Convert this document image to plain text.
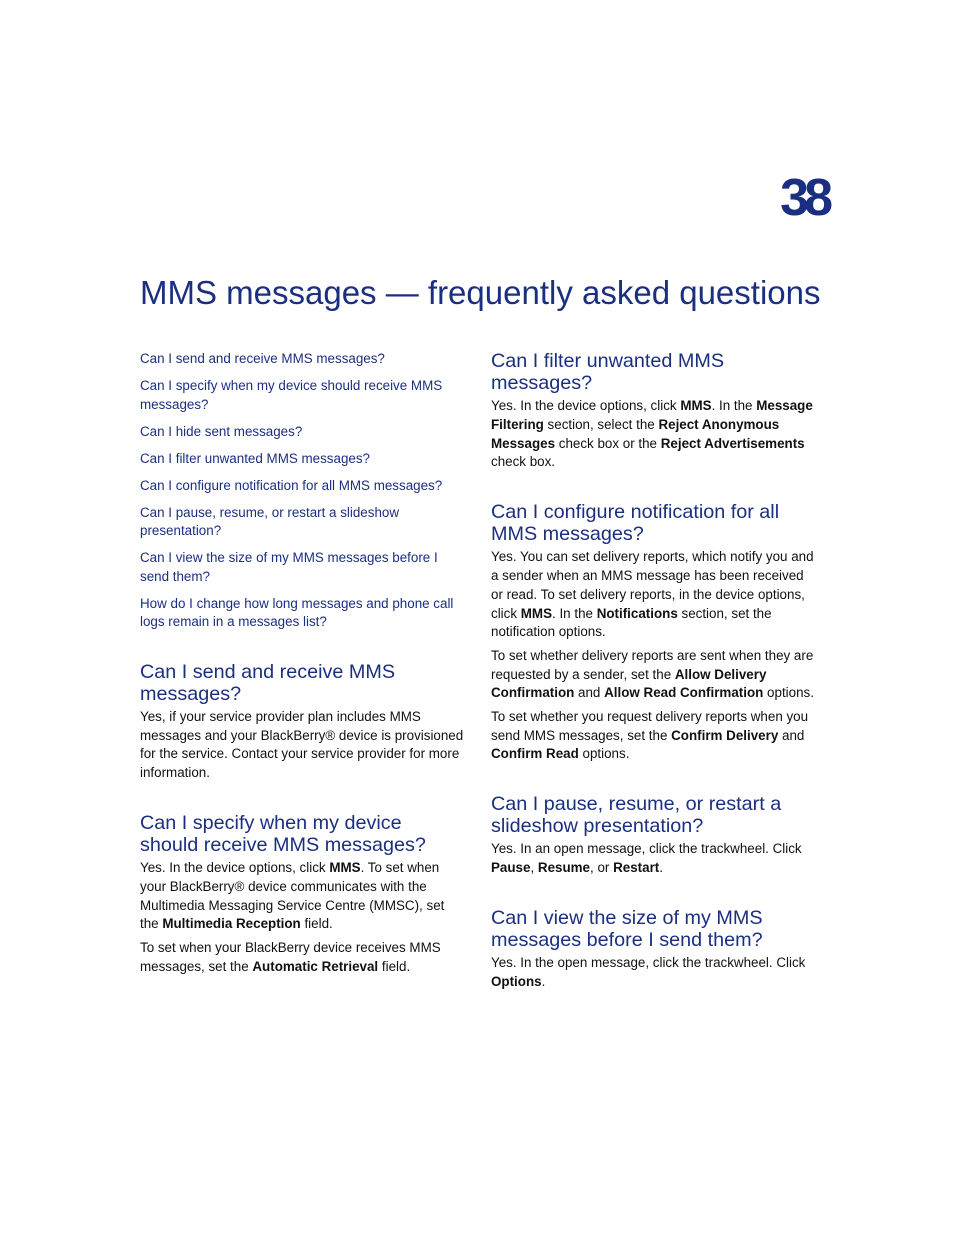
38
MMS messages — frequently asked questions
Can I send and receive MMS messages?
Can I specify when my device should receive MMS messages?
Can I hide sent messages?
Can I filter unwanted MMS messages?
Can I configure notification for all MMS messages?
Can I pause, resume, or restart a slideshow presentation?
Can I view the size of my MMS messages before I send them?
How do I change how long messages and phone call logs remain in a messages list?
Can I send and receive MMS messages?

Yes, if your service provider plan includes MMS messages and your BlackBerry® device is provisioned for the service. Contact your service provider for more information.

Can I specify when my device should receive MMS messages?

Yes. In the device options, click MMS. To set when your BlackBerry® device communicates with the Multimedia Messaging Service Centre (MMSC), set the Multimedia Reception field.

To set when your BlackBerry device receives MMS messages, set the Automatic Retrieval field.

Can I filter unwanted MMS messages?

Yes. In the device options, click MMS. In the Message Filtering section, select the Reject Anonymous Messages check box or the Reject Advertisements check box.

Can I configure notification for all MMS messages?

Yes. You can set delivery reports, which notify you and a sender when an MMS message has been received or read. To set delivery reports, in the device options, click MMS. In the Notifications section, set the notification options.

To set whether delivery reports are sent when they are requested by a sender, set the Allow Delivery Confirmation and Allow Read Confirmation options.

To set whether you request delivery reports when you send MMS messages, set the Confirm Delivery and Confirm Read options.

Can I pause, resume, or restart a slideshow presentation?

Yes. In an open message, click the trackwheel. Click Pause, Resume, or Restart.

Can I view the size of my MMS messages before I send them?

Yes. In the open message, click the trackwheel. Click Options.
